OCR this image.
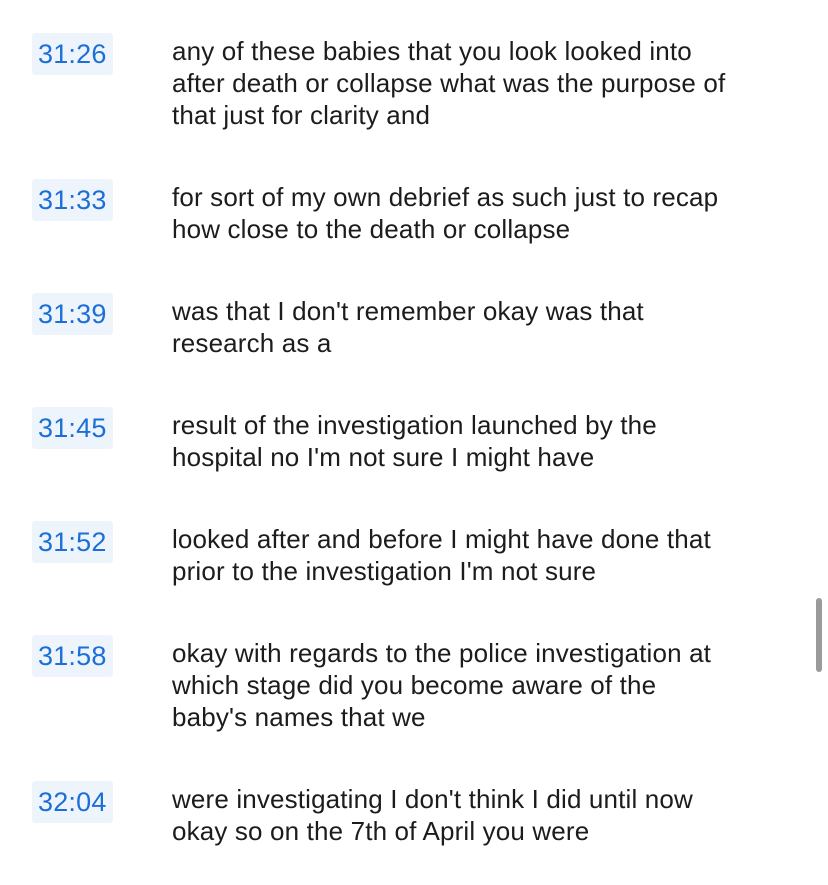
31:26	any of these babies that you look looked into
after death or collapse what was the purpose of
that just for clarity and
31:33	for sort of my own debrief as such just to recap
how close to the death or collapse
31:39	was that I don't remember okay was that
research as a
31:45	result of the investigation launched by the
hospital no I'm not sure I might have
31:52	looked after and before I might have done that
prior to the investigation I'm not sure
31:58	okay with regards to the police investigation at
which stage did you become aware of the
baby's names that we
32:04	were investigating I don't think I did until now
okay so on the 7th of April you were
